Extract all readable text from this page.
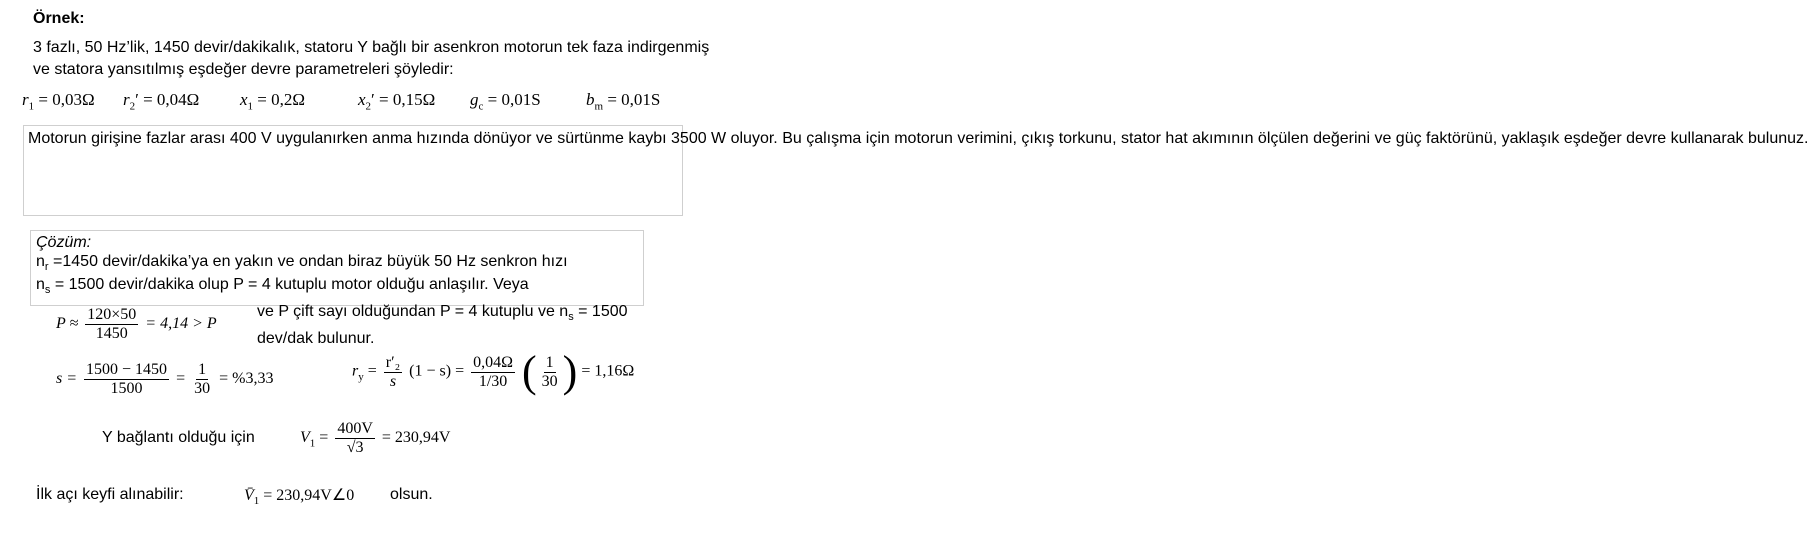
Örnek:
3 fazlı, 50 Hz’lik, 1450 devir/dakikalık, statoru Y bağlı bir asenkron motorun tek faza indirgenmiş ve statora yansıtılmış eşdeğer devre parametreleri şöyledir:
$r_1 = 0,03\Omega$ $r_2' = 0,04\Omega$ $x_1 = 0,2\Omega$	$x_2' = 0,15\Omega$ $g_c = 0,01S$	$b_m = 0,01S$

Motorun girişine fazlar arası 400 V uygulanırken anma hızında dönüyor ve sürtünme kaybı 3500 W oluyor. Bu çalışma için motorun verimini, çıkış torkunu, stator hat akımının ölçülen değerini ve güç faktörünü, yaklaşık eşdeğer devre kullanarak bulunuz.

Çözüm:
$n_r =1450$ devir/dakika’ya en yakın ve ondan biraz büyük 50 Hz senkron hızı
$n_s = 1500$ devir/dakika olup P = 4 kutuplu motor olduğu anlaşılır. Veya
$P \approx \frac{120\times 50}{1450} = 4,14 > P$
ve P çift sayı olduğundan P = 4 kutuplu ve $n_s = 1500$ dev/dak bulunur.
$s = \frac{1500 - 1450}{1500} = \frac{1}{30} = \%3,33$	$r_y = \frac{\text{r′₂}}{s} (1 - s) = \frac{0,04\Omega}{1/30}$ ( $\frac{1}{30}$ ) = 1,16Ω
Y bağlantı olduğu için	$V_1 = \frac{400V}{√3} = 230,94V$
İlk açı keyfi alınabilir:	$V̄_1$ = 230,94V∠0 olsun.
